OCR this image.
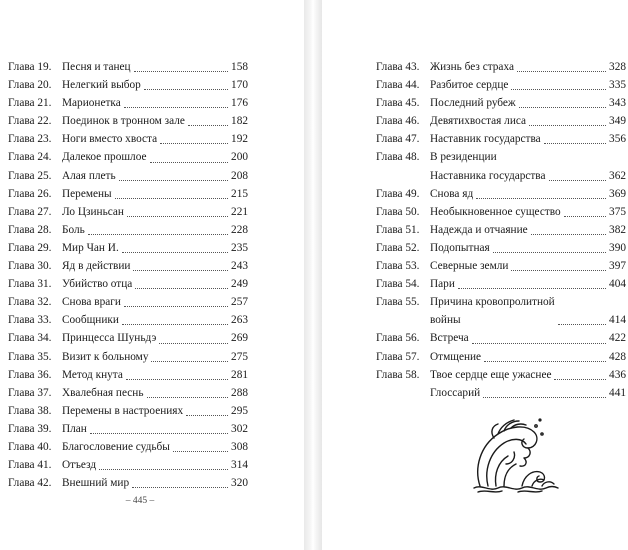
Глава 19. Песня и танец	158
Глава 20. Нелегкий выбор	170
Глава 21. Марионетка	176
Глава 22. Поединок в тронном зале	182
Глава 23. Ноги вместо хвоста	192
Глава 24. Далекое прошлое	200
Глава 25. Алая плеть	208
Глава 26. Перемены	215
Глава 27. Ло Цзиньсан	221
Глава 28. Боль	228
Глава 29. Мир Чан И.	235
Глава 30. Яд в действии	243
Глава 31. Убийство отца	249
Глава 32. Снова враги	257
Глава 33. Сообщники	263
Глава 34. Принцесса Шуньдэ	269
Глава 35. Визит к больному	275
Глава 36. Метод кнута	281
Глава 37. Хвалебная песнь	288
Глава 38. Перемены в настроениях	295
Глава 39. План	302
Глава 40. Благословение судьбы	308
Глава 41. Отъезд	314
Глава 42. Внешний мир	320
– 445 –
Глава 43. Жизнь без страха	328
Глава 44. Разбитое сердце	335
Глава 45. Последний рубеж	343
Глава 46. Девятихвостая лиса	349
Глава 47. Наставник государства	356
Глава 48. В резиденции
Наставника государства	362
Глава 49. Снова яд	369
Глава 50. Необыкновенное существо	375
Глава 51. Надежда и отчаяние	382
Глава 52. Подопытная	390
Глава 53. Северные земли	397
Глава 54. Пари	404
Глава 55. Причина кровопролитной
войны	414
Глава 56. Встреча	422
Глава 57. Отмщение	428
Глава 58. Твое сердце еще ужаснее	436
Глоссарий	441
